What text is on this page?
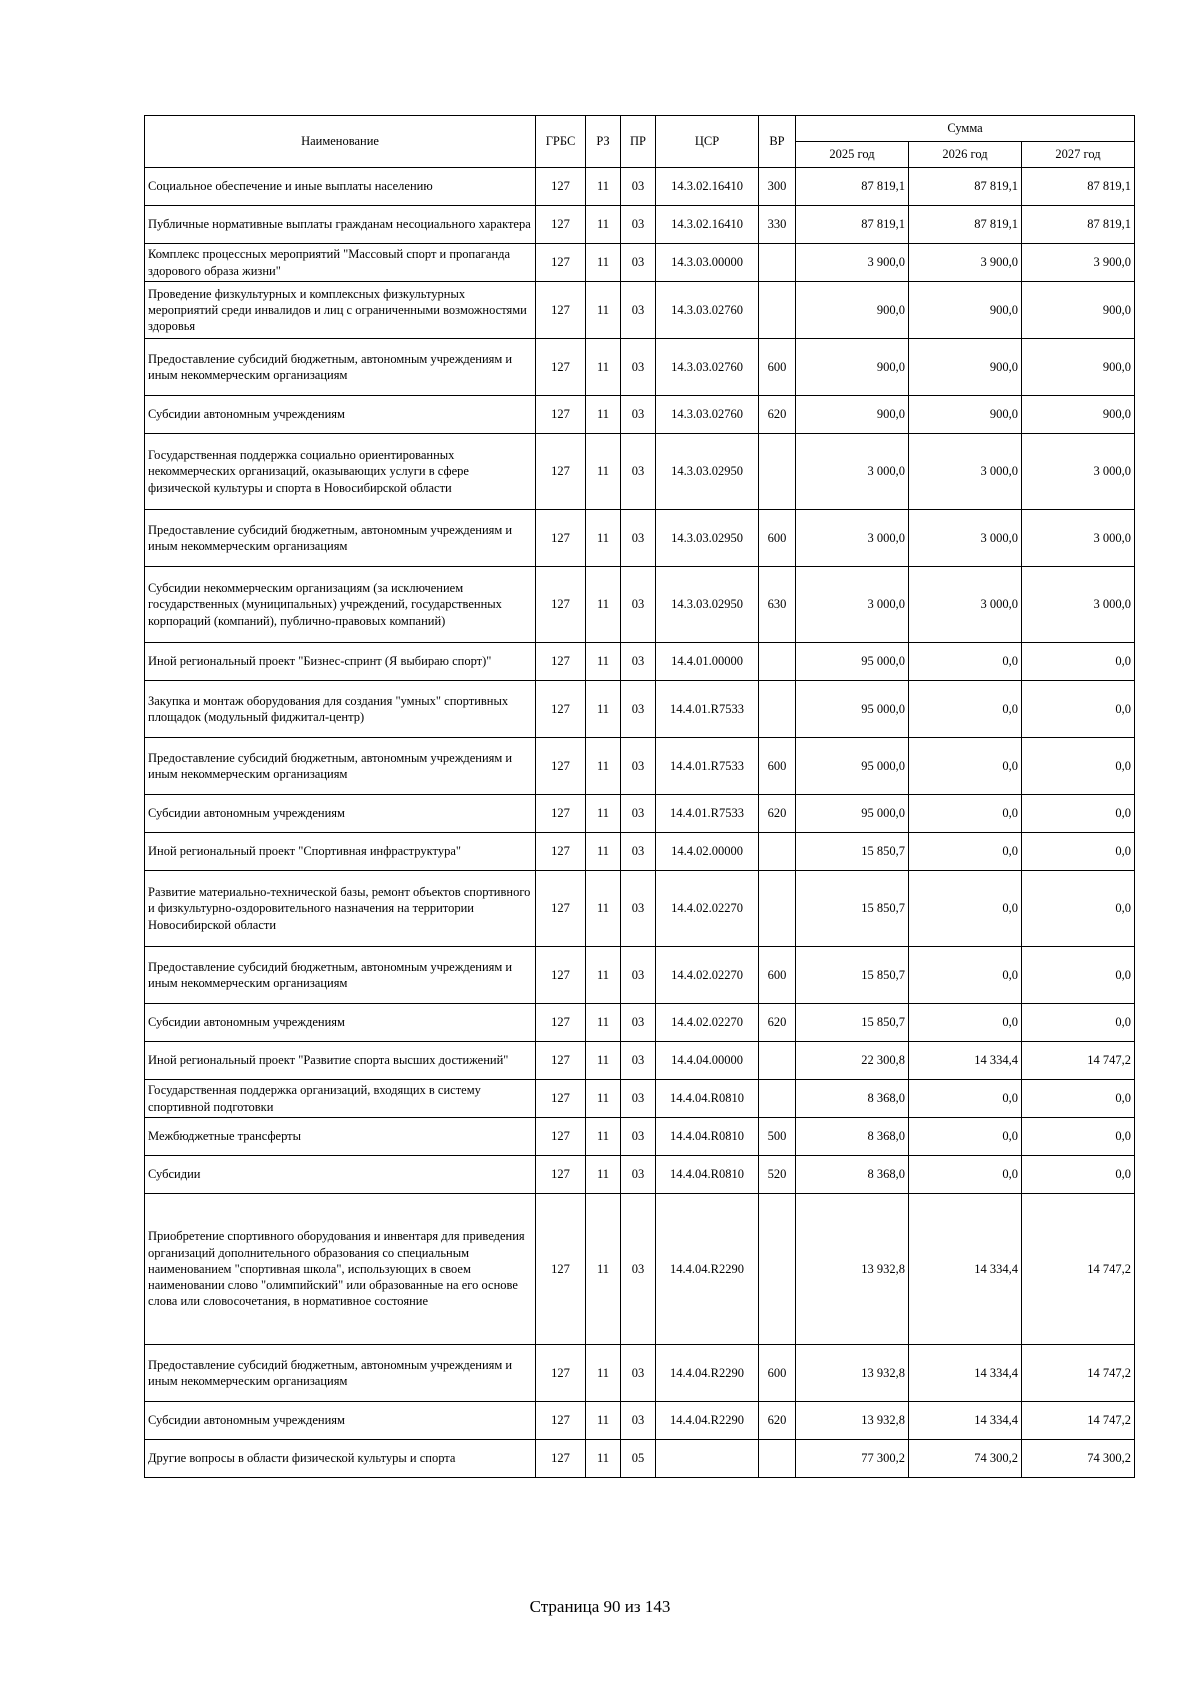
Наименование	ГРБС	РЗ	ПР	ЦСР	ВР	Сумма		
						2025 год	2026 год	2027 год
Социальное обеспечение и иные выплаты населению	127	11	03	14.3.02.16410	300	87 819,1	87 819,1	87 819,1
Публичные нормативные выплаты гражданам несоциального характера	127	11	03	14.3.02.16410	330	87 819,1	87 819,1	87 819,1
Комплекс процессных мероприятий "Массовый спорт и пропаганда здорового образа жизни"	127	11	03	14.3.03.00000		3 900,0	3 900,0	3 900,0
Проведение физкультурных и комплексных физкультурных мероприятий среди инвалидов и лиц с ограниченными возможностями здоровья	127	11	03	14.3.03.02760		900,0	900,0	900,0
Предоставление субсидий бюджетным, автономным учреждениям и иным некоммерческим организациям	127	11	03	14.3.03.02760	600	900,0	900,0	900,0
Субсидии автономным учреждениям	127	11	03	14.3.03.02760	620	900,0	900,0	900,0
Государственная поддержка социально ориентированных некоммерческих организаций, оказывающих услуги в сфере физической культуры и спорта в Новосибирской области	127	11	03	14.3.03.02950		3 000,0	3 000,0	3 000,0
Предоставление субсидий бюджетным, автономным учреждениям и иным некоммерческим организациям	127	11	03	14.3.03.02950	600	3 000,0	3 000,0	3 000,0
Субсидии некоммерческим организациям (за исключением государственных (муниципальных) учреждений, государственных корпораций (компаний), публично-правовых компаний)	127	11	03	14.3.03.02950	630	3 000,0	3 000,0	3 000,0
Иной региональный проект "Бизнес-спринт (Я выбираю спорт)"	127	11	03	14.4.01.00000		95 000,0	0,0	0,0
Закупка и монтаж оборудования для создания "умных" спортивных площадок (модульный фиджитал-центр)	127	11	03	14.4.01.R7533		95 000,0	0,0	0,0
Предоставление субсидий бюджетным, автономным учреждениям и иным некоммерческим организациям	127	11	03	14.4.01.R7533	600	95 000,0	0,0	0,0
Субсидии автономным учреждениям	127	11	03	14.4.01.R7533	620	95 000,0	0,0	0,0
Иной региональный проект "Спортивная инфраструктура"	127	11	03	14.4.02.00000		15 850,7	0,0	0,0
Развитие материально-технической базы, ремонт объектов спортивного и физкультурно-оздоровительного назначения на территории Новосибирской области	127	11	03	14.4.02.02270		15 850,7	0,0	0,0
Предоставление субсидий бюджетным, автономным учреждениям и иным некоммерческим организациям	127	11	03	14.4.02.02270	600	15 850,7	0,0	0,0
Субсидии автономным учреждениям	127	11	03	14.4.02.02270	620	15 850,7	0,0	0,0
Иной региональный проект "Развитие спорта высших достижений"	127	11	03	14.4.04.00000		22 300,8	14 334,4	14 747,2
Государственная поддержка организаций, входящих в систему спортивной подготовки	127	11	03	14.4.04.R0810		8 368,0	0,0	0,0
Межбюджетные трансферты	127	11	03	14.4.04.R0810	500	8 368,0	0,0	0,0
Субсидии	127	11	03	14.4.04.R0810	520	8 368,0	0,0	0,0
Приобретение спортивного оборудования и инвентаря для приведения организаций дополнительного образования со специальным наименованием "спортивная школа", использующих в своем наименовании слово "олимпийский" или образованные на его основе слова или словосочетания, в нормативное состояние	127	11	03	14.4.04.R2290		13 932,8	14 334,4	14 747,2
Предоставление субсидий бюджетным, автономным учреждениям и иным некоммерческим организациям	127	11	03	14.4.04.R2290	600	13 932,8	14 334,4	14 747,2
Субсидии автономным учреждениям	127	11	03	14.4.04.R2290	620	13 932,8	14 334,4	14 747,2
Другие вопросы в области физической культуры и спорта	127	11	05			77 300,2	74 300,2	74 300,2
Страница 90 из 143
